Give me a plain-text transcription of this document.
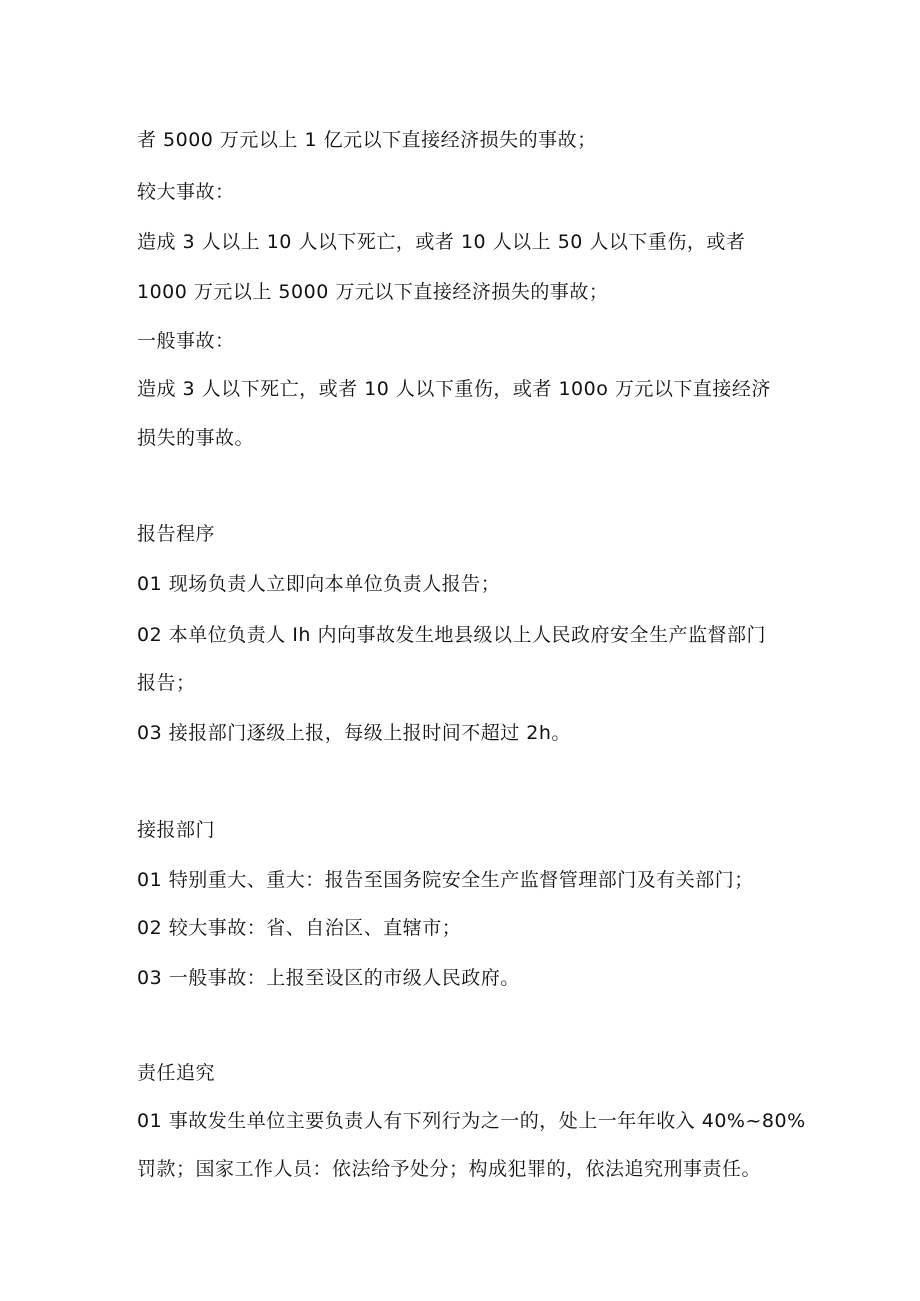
者 5000 万元以上 1 亿元以下直接经济损失的事故；
较大事故：
造成 3 人以上 10 人以下死亡，或者 10 人以上 50 人以下重伤，或者
1000 万元以上 5000 万元以下直接经济损失的事故；
一般事故：
造成 3 人以下死亡，或者 10 人以下重伤，或者 100o 万元以下直接经济
损失的事故。
报告程序
01 现场负责人立即向本单位负责人报告；
02 本单位负责人 Ih 内向事故发生地县级以上人民政府安全生产监督部门
报告；
03 接报部门逐级上报，每级上报时间不超过 2h。
接报部门
01 特别重大、重大：报告至国务院安全生产监督管理部门及有关部门；
02 较大事故：省、自治区、直辖市；
03 一般事故：上报至设区的市级人民政府。
责任追究
01 事故发生单位主要负责人有下列行为之一的，处上一年年收入 40%~80%
罚款；国家工作人员：依法给予处分；构成犯罪的，依法追究刑事责任。
